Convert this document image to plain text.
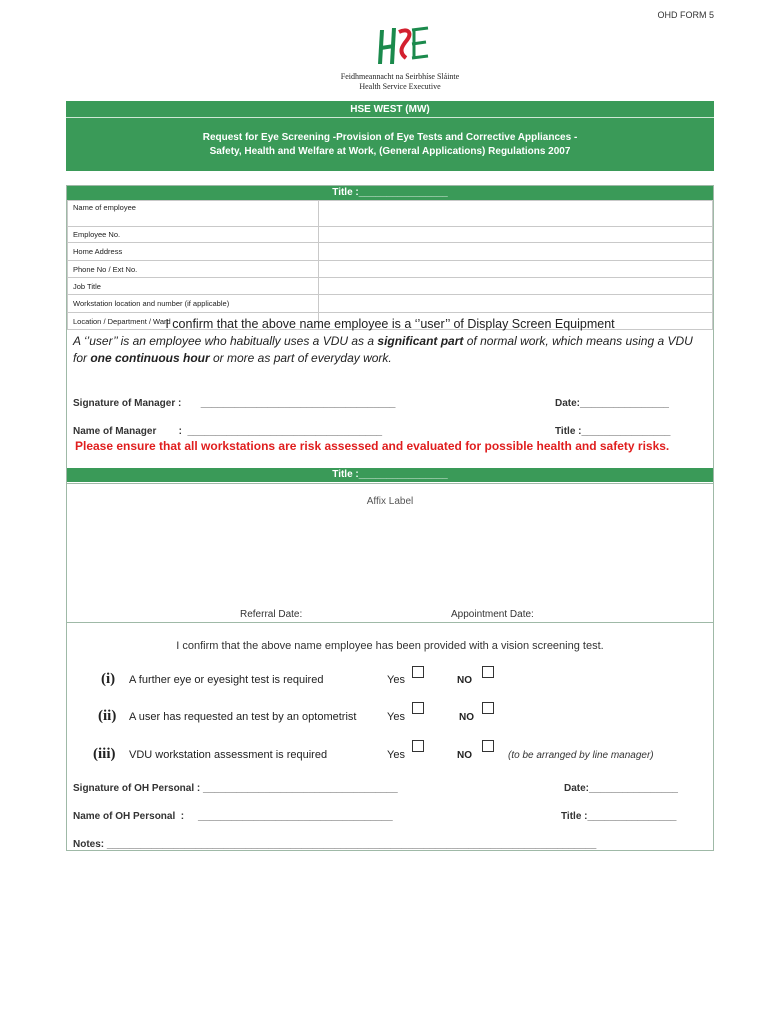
OHD FORM 5
Feidhmeannacht na Seirbhíse Sláinte
Health Service Executive
HSE WEST (MW)
Request for Eye Screening -Provision of Eye Tests and Corrective Appliances -
Safety, Health and Welfare at Work, (General Applications) Regulations 2007
Title :________________
Name of employee	
Employee No.	
Home Address	
Phone No / Ext No.	
Job Title	
Workstation location and number (if applicable)	
Location / Department / Ward	
I confirm that the above name employee is a ‘’user’’ of Display Screen Equipment
A ‘’user’’ is an employee who habitually uses a VDU as a significant part of normal work, which means using a VDU for one continuous hour or more as part of everyday work.
Signature of Manager :       ___________________________________	Date:________________
Name of Manager        :  ___________________________________	Title :________________
Please ensure that all workstations are risk assessed and evaluated for possible health and safety risks.
Title :________________
Affix Label
Referral Date:	Appointment Date:
I confirm that the above name employee has been provided with a vision screening test.
(i) A further eye or eyesight test is required	Yes	NO
(ii) A user has requested an test by an optometrist	Yes	NO
(iii) VDU workstation assessment is required	Yes	NO	(to be arranged by line manager)
Signature of OH Personal : ___________________________________	Date:________________
Name of OH Personal  :     ___________________________________	Title :________________
Notes: ________________________________________________________________________________________
